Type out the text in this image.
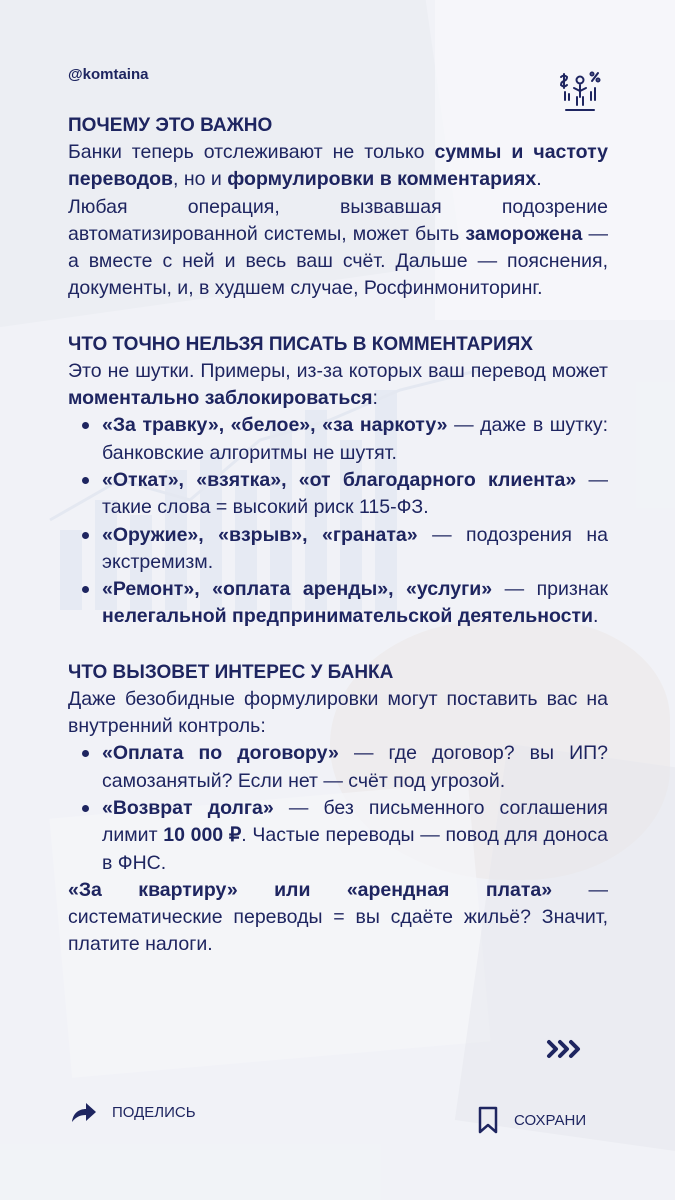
@komtaina
ПОЧЕМУ ЭТО ВАЖНО

Банки теперь отслеживают не только суммы и частоту переводов, но и формулировки в комментариях.

Любая операция, вызвавшая подозрение автоматизированной системы, может быть заморожена — а вместе с ней и весь ваш счёт. Дальше — пояснения, документы, и, в худшем случае, Росфинмониторинг.

ЧТО ТОЧНО НЕЛЬЗЯ ПИСАТЬ В КОММЕНТАРИЯХ

Это не шутки. Примеры, из‑за которых ваш перевод может моментально заблокироваться:

«За травку», «белое», «за наркоту» — даже в шутку: банковские алгоритмы не шутят.
«Откат», «взятка», «от благодарного клиента» — такие слова = высокий риск 115‑ФЗ.
«Оружие», «взрыв», «граната» — подозрения на экстремизм.
«Ремонт», «оплата аренды», «услуги» — признак нелегальной предпринимательской деятельности.
ЧТО ВЫЗОВЕТ ИНТЕРЕС У БАНКА

Даже безобидные формулировки могут поставить вас на внутренний контроль:

«Оплата по договору» — где договор? вы ИП? самозанятый? Если нет — счёт под угрозой.
«Возврат долга» — без письменного соглашения лимит 10 000 ₽. Частые переводы — повод для доноса в ФНС.

«За квартиру» или «арендная плата» — систематические переводы = вы сдаёте жильё? Значит, платите налоги.

ПОДЕЛИСЬ	СОХРАНИ
